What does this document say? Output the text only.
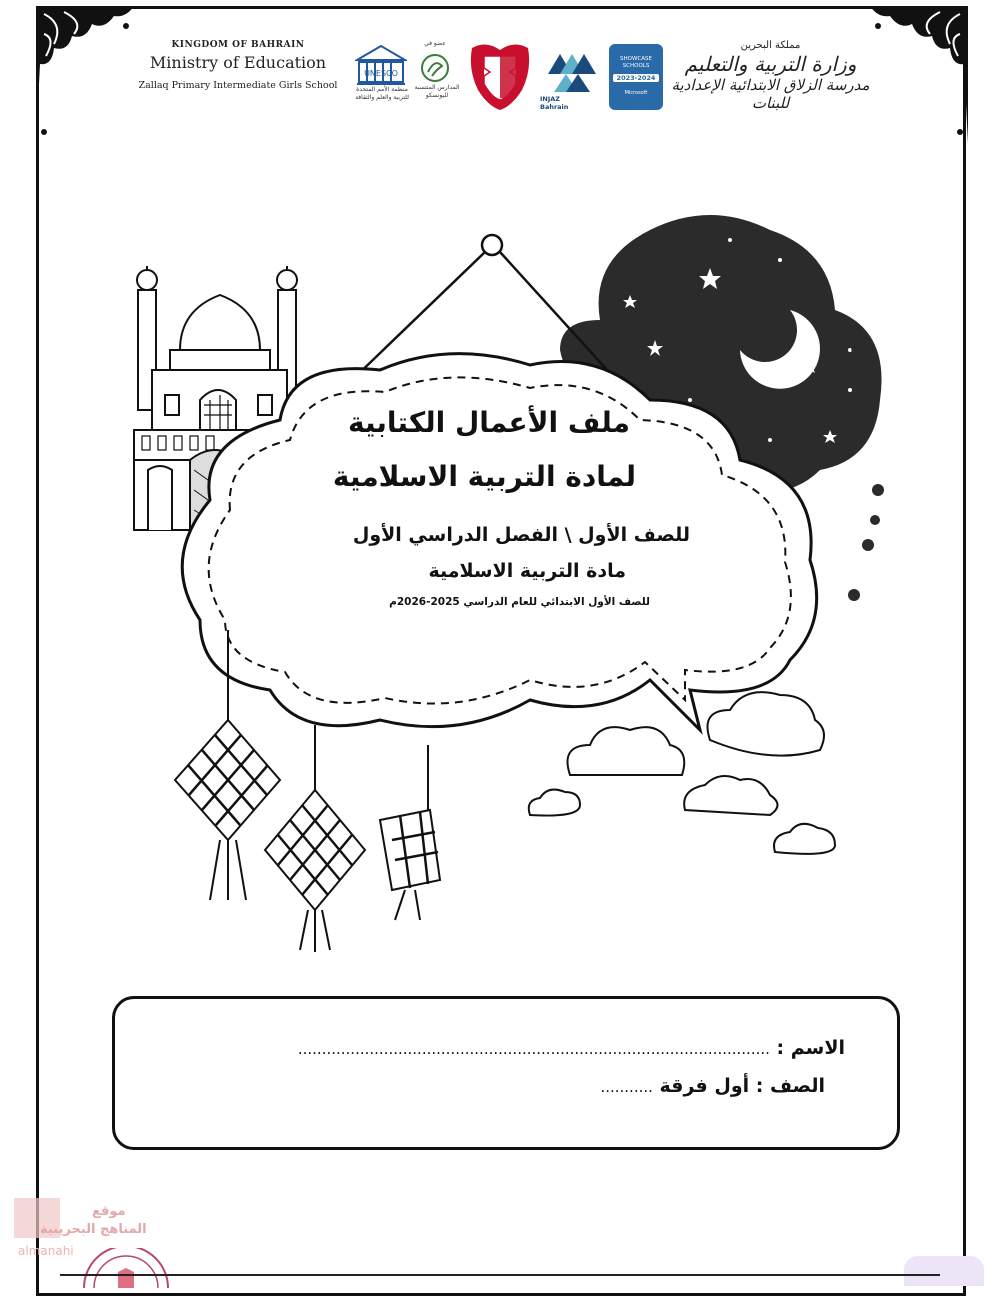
KINGDOM OF BAHRAIN
Ministry of Education
Zallaq Primary Intermediate Girls School
UNESCO
منظمة الأمم المتحدة للتربية والعلم والثقافة
عضو في
المدارس المنتسبة لليونسكو	INJAZ Bahrain
SHOWCASE SCHOOLS
2023-2024
Microsoft
مملكة البحرين
وزارة التربية والتعليم
مدرسة الزلاق الابتدائية الإعدادية للبنات
ملف الأعمال الكتابية
لمادة التربية الاسلامية
للصف الأول \ الفصل الدراسي الأول
مادة التربية الاسلامية
للصف الأول الابتدائي للعام الدراسي 2025-2026م
الاسم : ...................................................................................................
الصف : أول فرقة ...........
موقع
المناهج البحرينية
almanahi
